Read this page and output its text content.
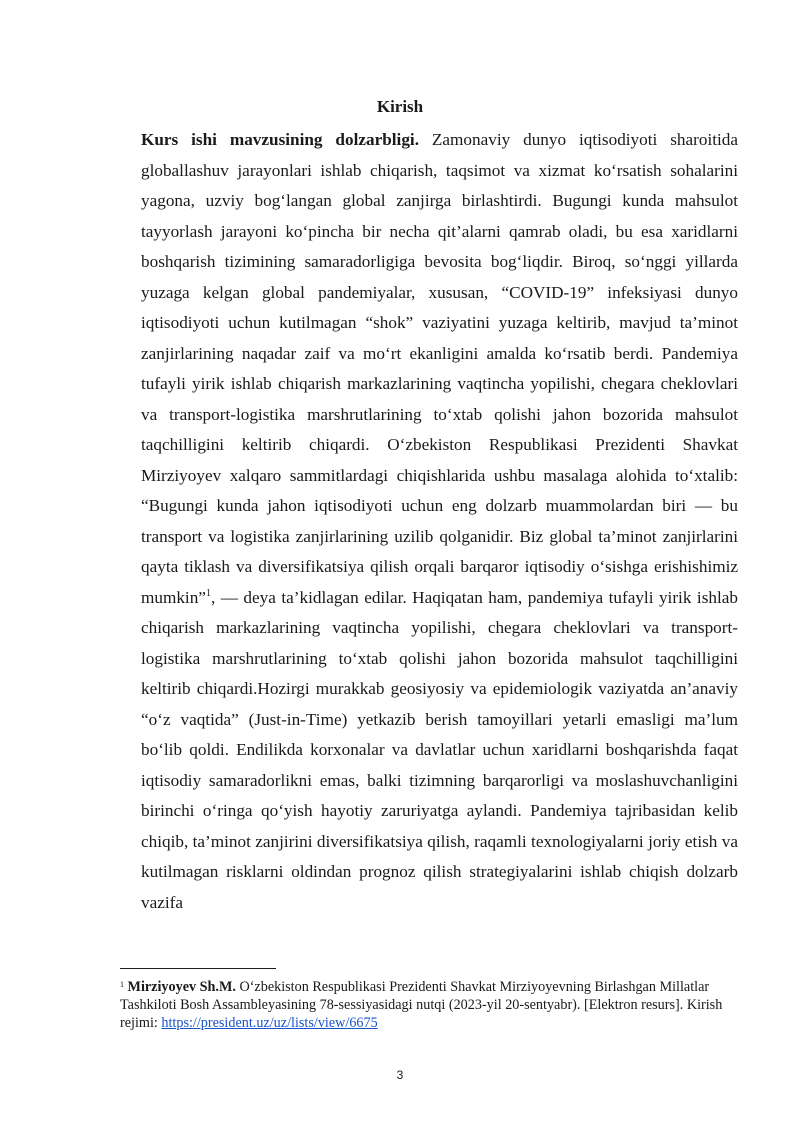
Kirish

Kurs ishi mavzusining dolzarbligi. Zamonaviy dunyo iqtisodiyoti sharoitida globallashuv jarayonlari ishlab chiqarish, taqsimot va xizmat ko‘rsatish sohalarini yagona, uzviy bog‘langan global zanjirga birlashtirdi. Bugungi kunda mahsulot tayyorlash jarayoni ko‘pincha bir necha qit’alarni qamrab oladi, bu esa xaridlarni boshqarish tizimining samaradorligiga bevosita bog‘liqdir. Biroq, so‘nggi yillarda yuzaga kelgan global pandemiyalar, xususan, “COVID-19” infeksiyasi dunyo iqtisodiyoti uchun kutilmagan “shok” vaziyatini yuzaga keltirib, mavjud ta’minot zanjirlarining naqadar zaif va mo‘rt ekanligini amalda ko‘rsatib berdi. Pandemiya tufayli yirik ishlab chiqarish markazlarining vaqtincha yopilishi, chegara cheklovlari va transport-logistika marshrutlarining to‘xtab qolishi jahon bozorida mahsulot taqchilligini keltirib chiqardi. O‘zbekiston Respublikasi Prezidenti Shavkat Mirziyoyev xalqaro sammitlardagi chiqishlarida ushbu masalaga alohida to‘xtalib: “Bugungi kunda jahon iqtisodiyoti uchun eng dolzarb muammolardan biri — bu transport va logistika zanjirlarining uzilib qolganidir. Biz global ta’minot zanjirlarini qayta tiklash va diversifikatsiya qilish orqali barqaror iqtisodiy o‘sishga erishishimiz mumkin”$^1$, — deya ta’kidlagan edilar. Haqiqatan ham, pandemiya tufayli yirik ishlab chiqarish markazlarining vaqtincha yopilishi, chegara cheklovlari va transport-logistika marshrutlarining to‘xtab qolishi jahon bozorida mahsulot taqchilligini keltirib chiqardi.Hozirgi murakkab geosiyosiy va epidemiologik vaziyatda an’anaviy “o‘z vaqtida” (Just-in-Time) yetkazib berish tamoyillari yetarli emasligi ma’lum bo‘lib qoldi. Endilikda korxonalar va davlatlar uchun xaridlarni boshqarishda faqat iqtisodiy samaradorlikni emas, balki tizimning barqarorligi va moslashuvchanligini birinchi o‘ringa qo‘yish hayotiy zaruriyatga aylandi. Pandemiya tajribasidan kelib chiqib, ta’minot zanjirini diversifikatsiya qilish, raqamli texnologiyalarni joriy etish va kutilmagan risklarni oldindan prognoz qilish strategiyalarini ishlab chiqish dolzarb vazifa

$^1$ Mirziyoyev Sh.M. O‘zbekiston Respublikasi Prezidenti Shavkat Mirziyoyevning Birlashgan Millatlar Tashkiloti Bosh Assambleyasining 78-sessiyasidagi nutqi (2023-yil 20-sentyabr). [Elektron resurs]. Kirish rejimi: https://president.uz/uz/lists/view/6675

3
